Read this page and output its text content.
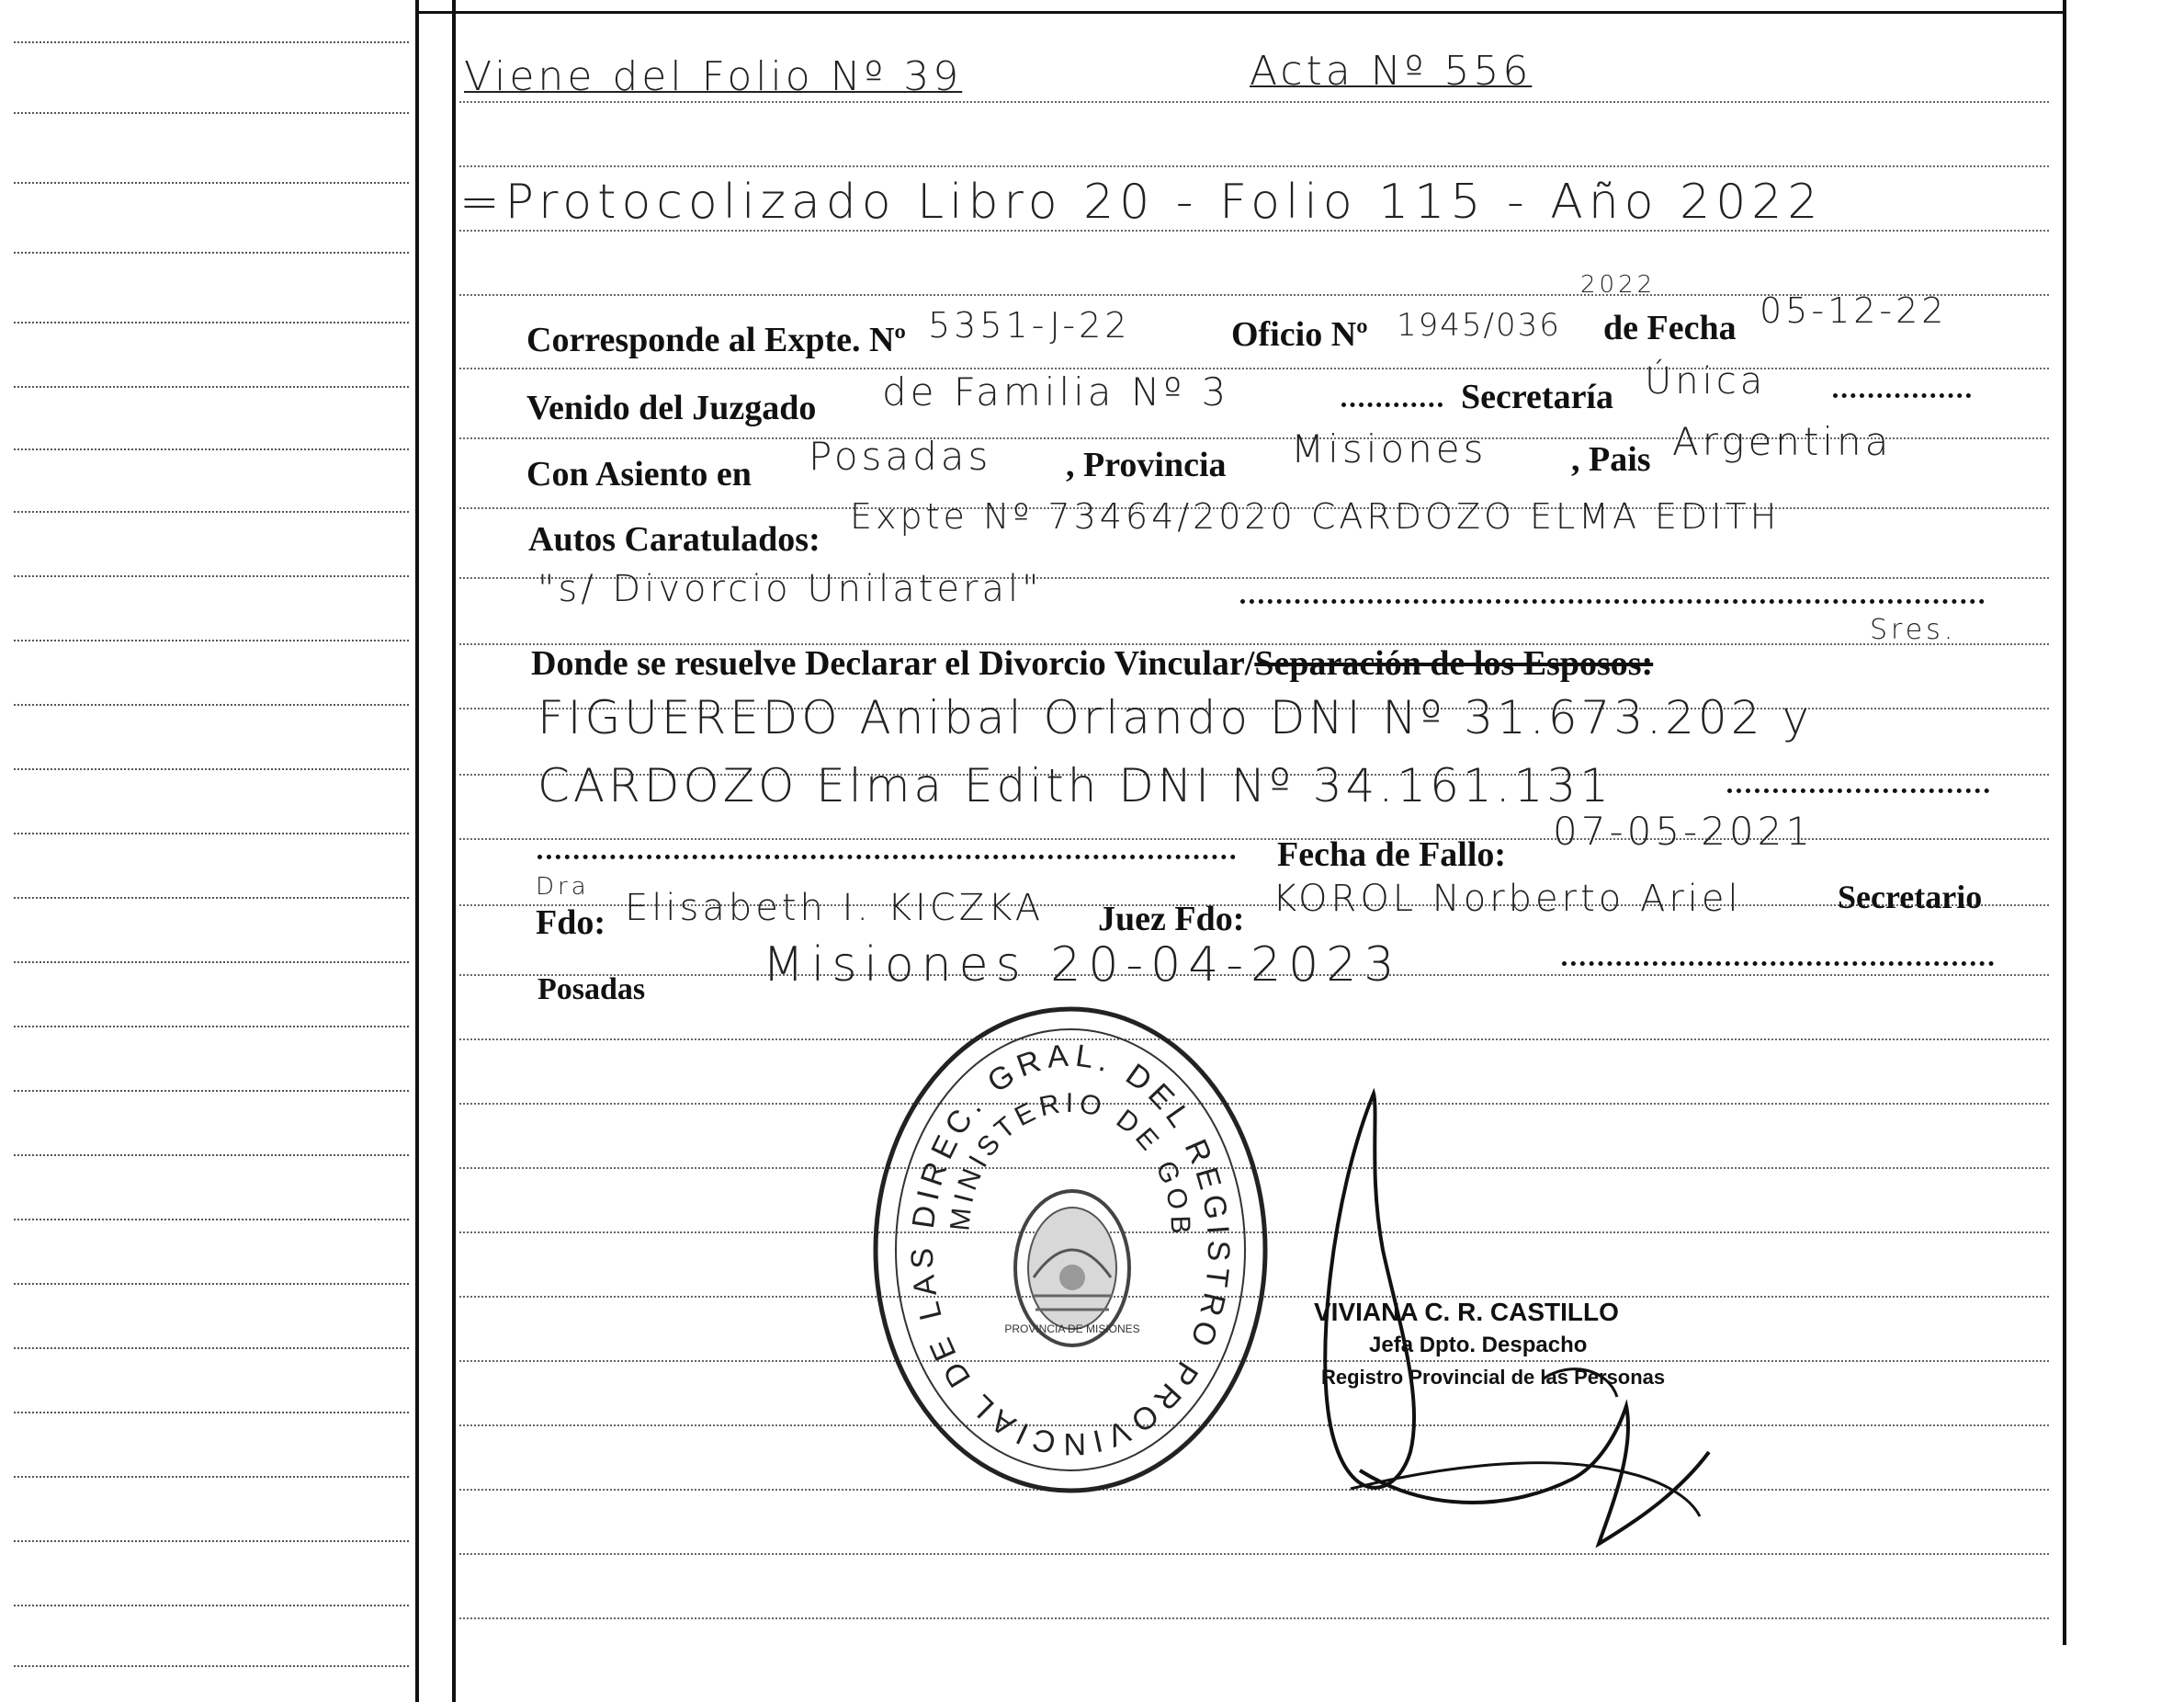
Viene del Folio Nº 39	Acta Nº 556
=Protocolizado Libro 20 - Folio 115 - Año 2022
Corresponde al Expte. Nº 5351-J-22	Oficio Nº 1945/036
2022
de Fecha 05-12-22
Venido del Juzgado de Familia Nº 3	Secretaría Única
Con Asiento en Posadas , Provincia Misiones , Pais Argentina
Autos Caratulados:
Expte Nº 73464/2020 CARDOZO ELMA EDITH
"s/ Divorcio Unilateral"
Donde se resuelve Declarar el Divorcio Vincular/Separación de los Esposos:
Sres.
FIGUEREDO Anibal Orlando DNI Nº 31.673.202 y
CARDOZO Elma Edith DNI Nº 34.161.131
Fecha de Fallo:
07-05-2021
Dra
Fdo: Elisabeth I. KICZKA Juez Fdo: KOROL Norberto Ariel	Secretario
Posadas Misiones 20-04-2023
DIREC. GRAL. DEL REGISTRO PROVINCIAL DE LAS
MINISTERIO DE GOB
PROVINCIA DE MISIONES
VIVIANA C. R. CASTILLO
Jefa Dpto. Despacho
Registro Provincial de las Personas
